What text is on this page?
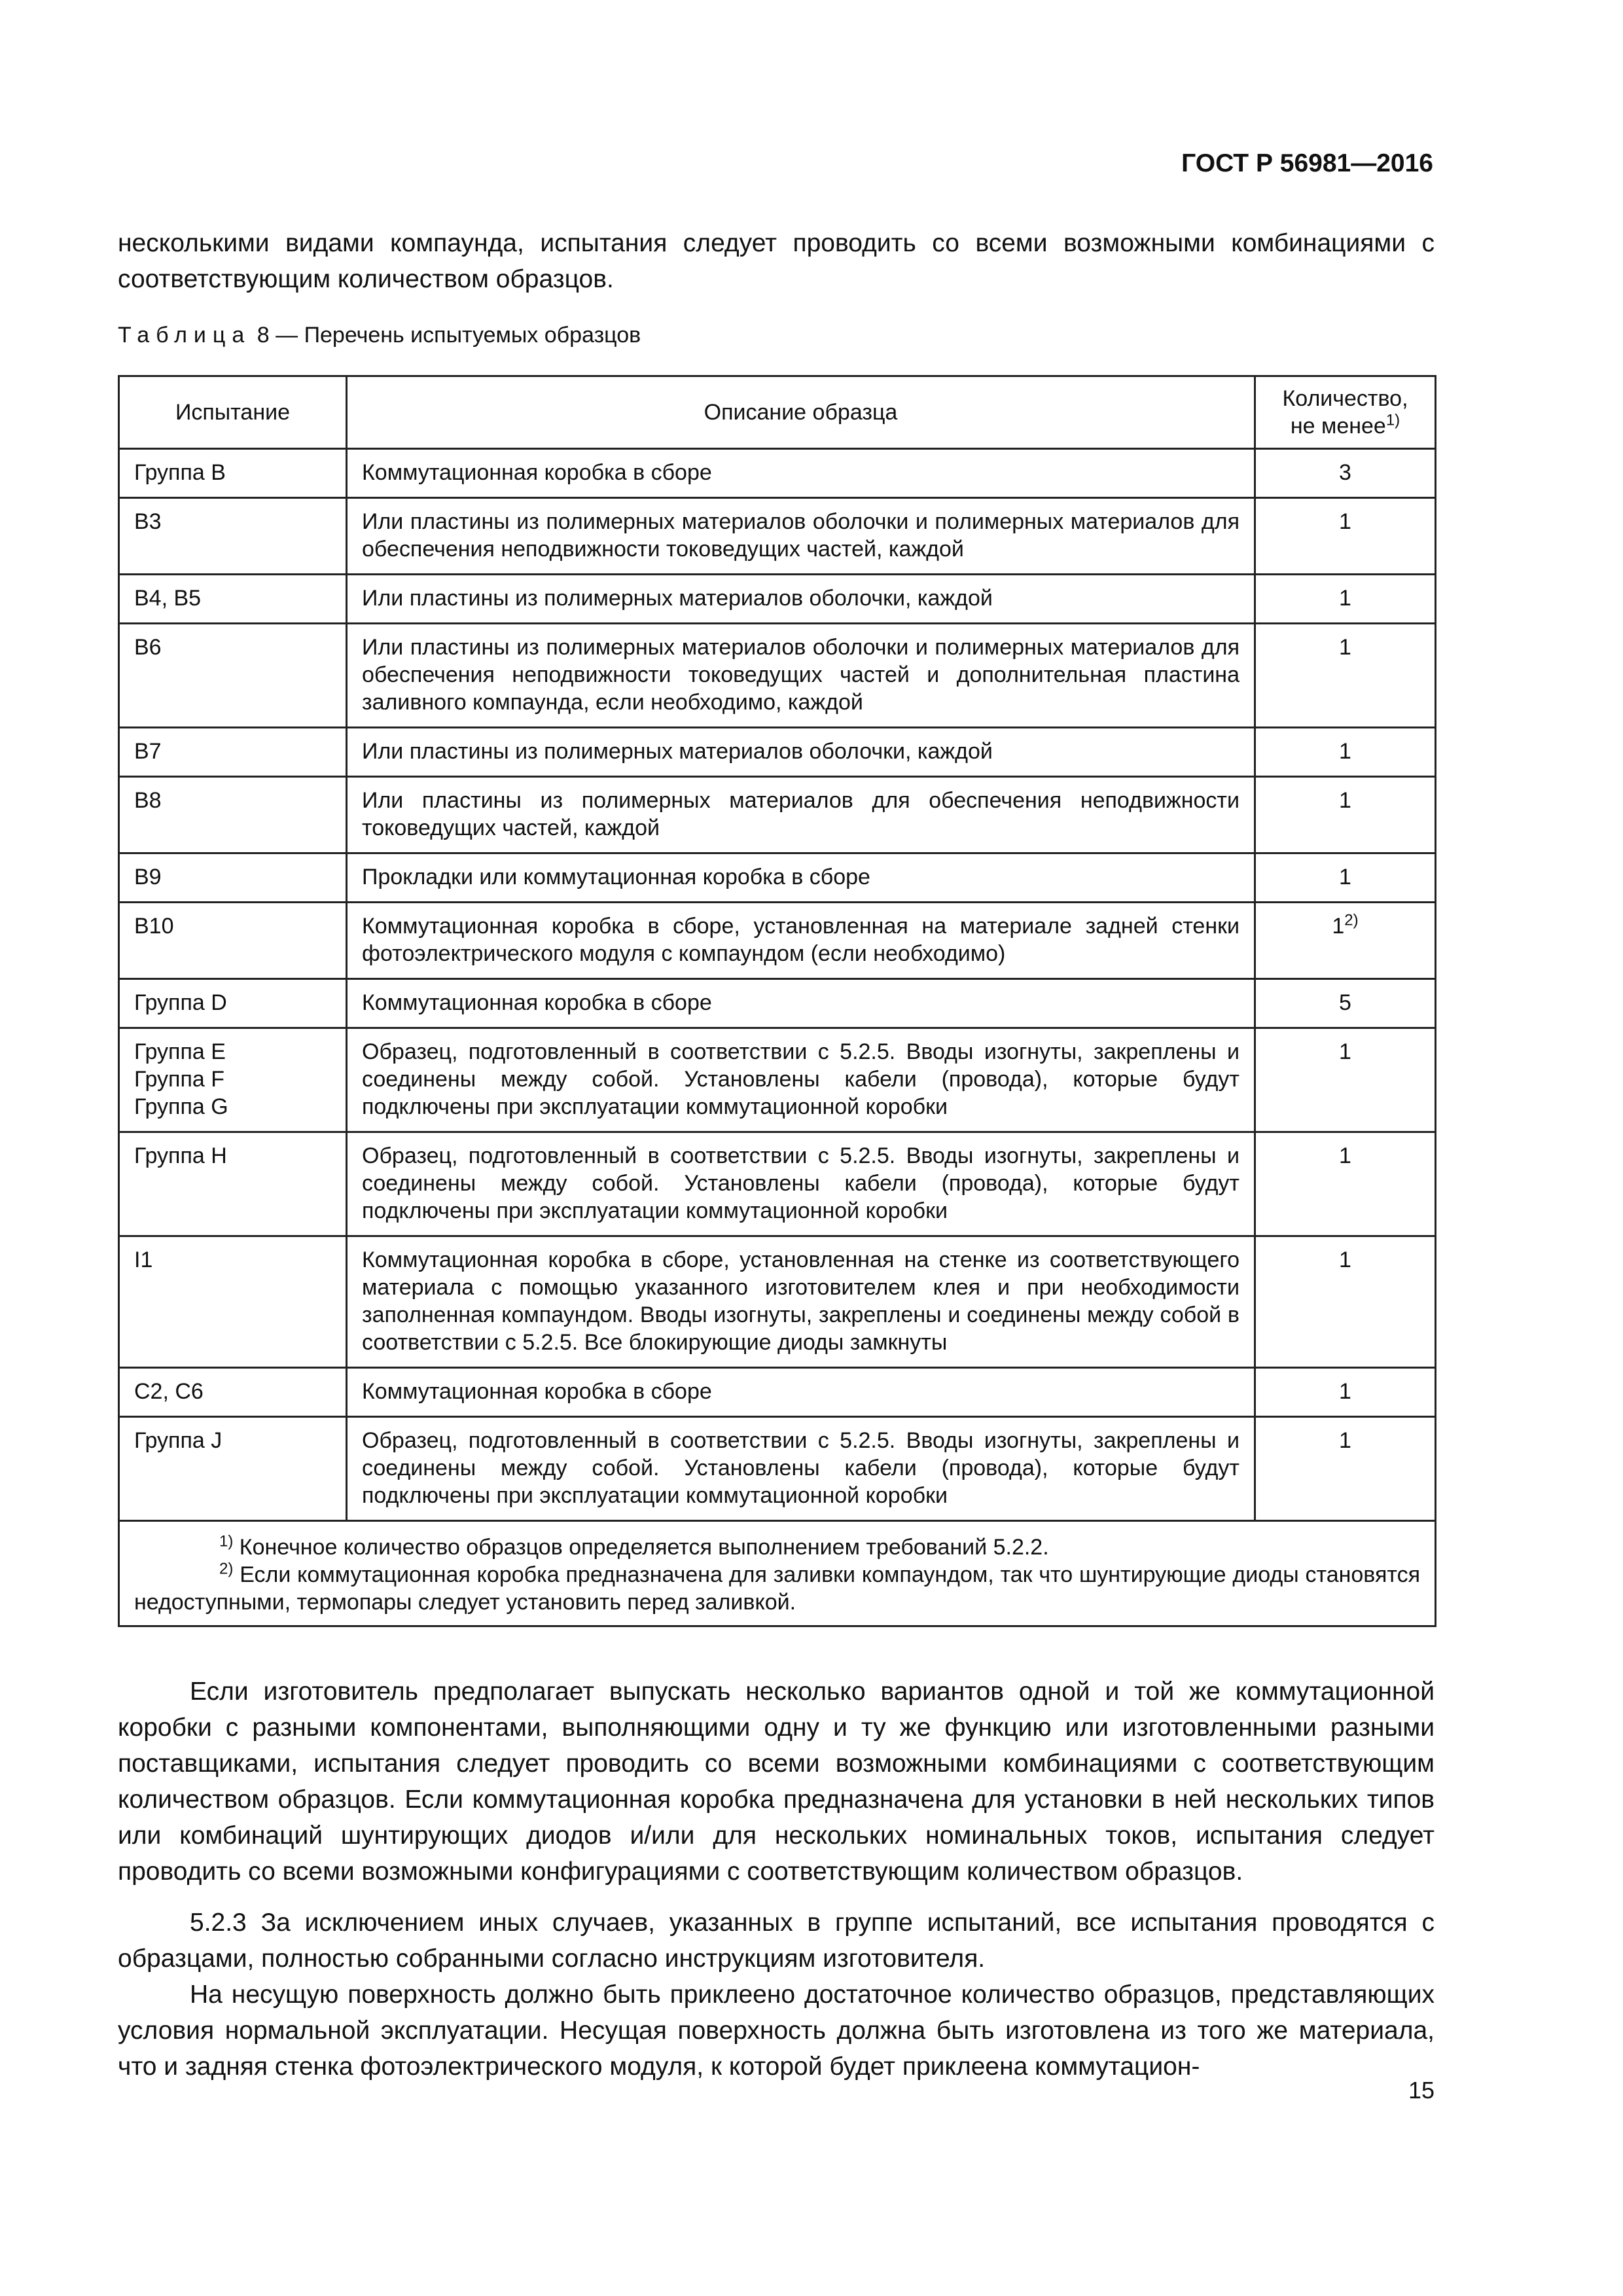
ГОСТ Р 56981—2016
несколькими видами компаунда, испытания следует проводить со всеми возможными комбинациями с соответствующим количеством образцов.
Таблица 8 — Перечень испытуемых образцов
Испытание	Описание образца	Количество,
не менее$^{1)}$

Группа B	Коммутационная коробка в сборе	3
B3	Или пластины из полимерных материалов оболочки и полимерных материалов для обеспечения неподвижности токоведущих частей, каждой	1
B4, B5	Или пластины из полимерных материалов оболочки, каждой	1
B6	Или пластины из полимерных материалов оболочки и полимерных материалов для обеспечения неподвижности токоведущих частей и дополнительная пластина заливного компаунда, если необходимо, каждой	1
B7	Или пластины из полимерных материалов оболочки, каждой	1
B8	Или пластины из полимерных материалов для обеспечения неподвижности токоведущих частей, каждой	1
B9	Прокладки или коммутационная коробка в сборе	1
B10	Коммутационная коробка в сборе, установленная на материале задней стенки фотоэлектрического модуля с компаундом (если необходимо)	1$^{2)}$
Группа D	Коммутационная коробка в сборе	5

Группа E
Группа F
Группа G	Образец, подготовленный в соответствии с 5.2.5. Вводы изогнуты, закреплены и соединены между собой. Установлены кабели (провода), которые будут подключены при эксплуатации коммутационной коробки	1
Группа H	Образец, подготовленный в соответствии с 5.2.5. Вводы изогнуты, закреплены и соединены между собой. Установлены кабели (провода), которые будут подключены при эксплуатации коммутационной коробки	1
I1	Коммутационная коробка в сборе, установленная на стенке из соответствующего материала с помощью указанного изготовителем клея и при необходимости заполненная компаундом. Вводы изогнуты, закреплены и соединены между собой в соответствии с 5.2.5. Все блокирующие диоды замкнуты	1
C2, C6	Коммутационная коробка в сборе	1
Группа J	Образец, подготовленный в соответствии с 5.2.5. Вводы изогнуты, закреплены и соединены между собой. Установлены кабели (провода), которые будут подключены при эксплуатации коммутационной коробки	1

$^{1)}$ Конечное количество образцов определяется выполнением требований 5.2.2.
$^{2)}$ Если коммутационная коробка предназначена для заливки компаундом, так что шунтирующие диоды становятся недоступными, термопары следует установить перед заливкой.		
Если изготовитель предполагает выпускать несколько вариантов одной и той же коммутационной коробки с разными компонентами, выполняющими одну и ту же функцию или изготовленными разными поставщиками, испытания следует проводить со всеми возможными комбинациями с соответствующим количеством образцов. Если коммутационная коробка предназначена для установки в ней нескольких типов или комбинаций шунтирующих диодов и/или для нескольких номинальных токов, испытания следует проводить со всеми возможными конфигурациями с соответствующим количеством образцов.
5.2.3 За исключением иных случаев, указанных в группе испытаний, все испытания проводятся с образцами, полностью собранными согласно инструкциям изготовителя.
На несущую поверхность должно быть приклеено достаточное количество образцов, представляющих условия нормальной эксплуатации. Несущая поверхность должна быть изготовлена из того же материала, что и задняя стенка фотоэлектрического модуля, к которой будет приклеена коммутацион-
15
